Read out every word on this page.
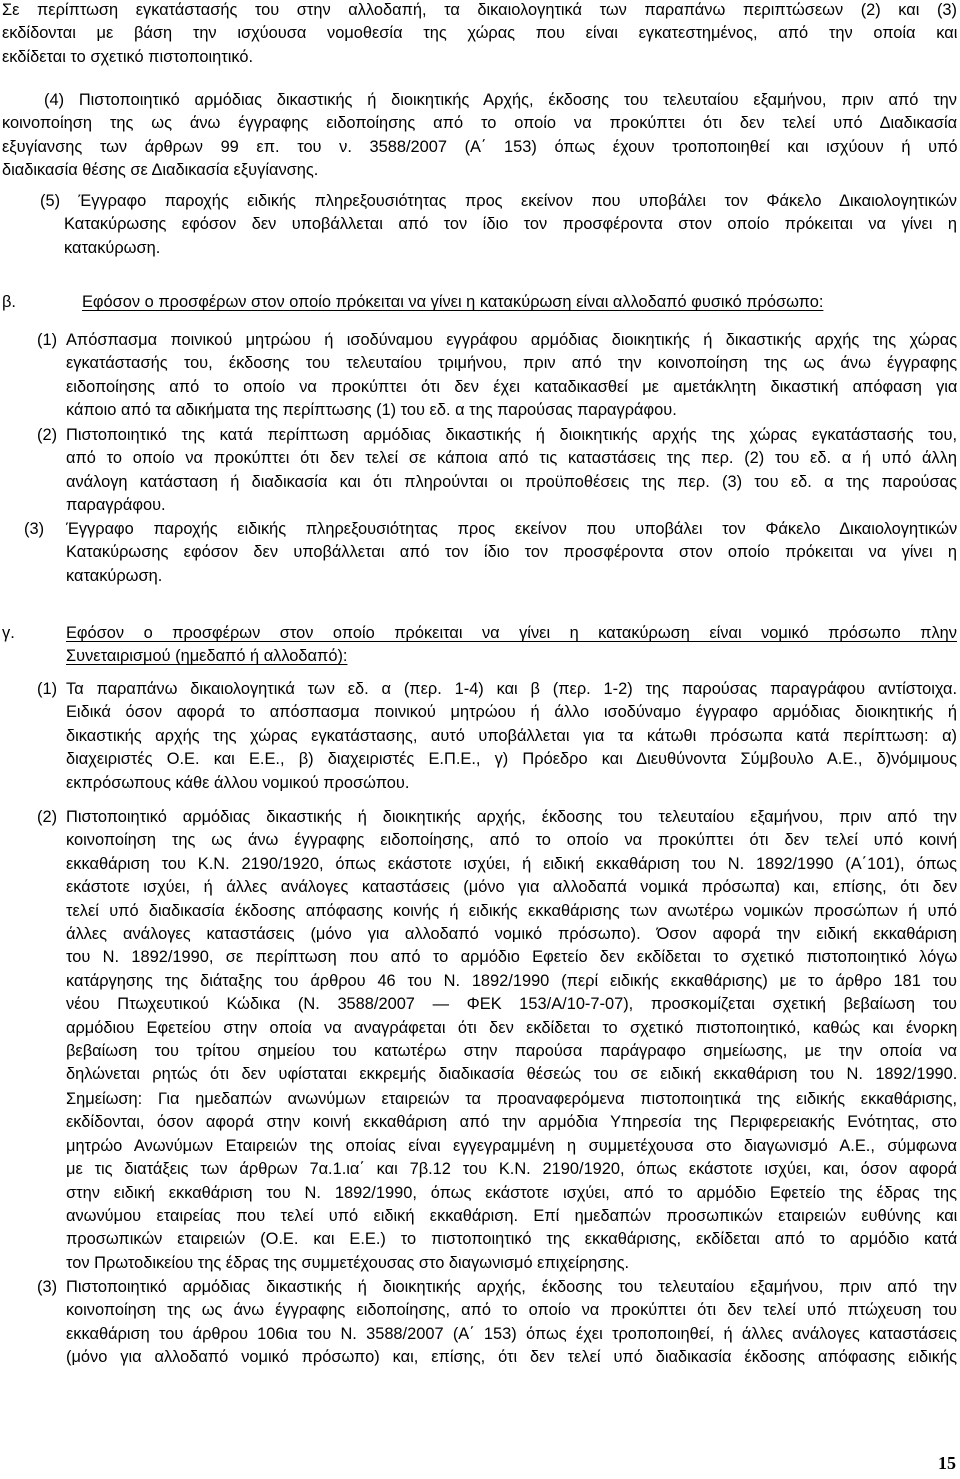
Σε περίπτωση εγκατάστασής του στην αλλοδαπή, τα δικαιολογητικά των παραπάνω περιπτώσεων (2) και (3)
εκδίδονται με βάση την ισχύουσα νομοθεσία της χώρας που είναι εγκατεστημένος, από την οποία και
εκδίδεται το σχετικό πιστοποιητικό.
(4) Πιστοποιητικό αρμόδιας δικαστικής ή διοικητικής Αρχής, έκδοσης του τελευταίου εξαμήνου, πριν από την
κοινοποίηση της ως άνω έγγραφης ειδοποίησης από το οποίο να προκύπτει ότι δεν τελεί υπό Διαδικασία
εξυγίανσης των άρθρων 99 επ. του ν. 3588/2007 (Α΄ 153) όπως έχουν τροποποιηθεί και ισχύουν ή υπό
διαδικασία θέσης σε Διαδικασία εξυγίανσης.
(5) Έγγραφο παροχής ειδικής πληρεξουσιότητας προς εκείνον που υποβάλει τον Φάκελο Δικαιολογητικών
Κατακύρωσης εφόσον δεν υποβάλλεται από τον ίδιο τον προσφέροντα στον οποίο πρόκειται να γίνει η
κατακύρωση.
β.	Εφόσον ο προσφέρων στον οποίο πρόκειται να γίνει η κατακύρωση είναι αλλοδαπό φυσικό πρόσωπο:
(1) Απόσπασμα ποινικού μητρώου ή ισοδύναμου εγγράφου αρμόδιας διοικητικής ή δικαστικής αρχής της χώρας
εγκατάστασής του, έκδοσης του τελευταίου τριμήνου, πριν από την κοινοποίηση της ως άνω έγγραφης
ειδοποίησης από το οποίο να προκύπτει ότι δεν έχει καταδικασθεί με αμετάκλητη δικαστική απόφαση για
κάποιο από τα αδικήματα της περίπτωσης (1) του εδ. α της παρούσας παραγράφου.
(2) Πιστοποιητικό της κατά περίπτωση αρμόδιας δικαστικής ή διοικητικής αρχής της χώρας εγκατάστασής του,
από το οποίο να προκύπτει ότι δεν τελεί σε κάποια από τις καταστάσεις της περ. (2) του εδ. α ή υπό άλλη
ανάλογη κατάσταση ή διαδικασία και ότι πληρούνται οι προϋποθέσεις της περ. (3) του εδ. α της παρούσας
παραγράφου.
(3) Έγγραφο παροχής ειδικής πληρεξουσιότητας προς εκείνον που υποβάλει τον Φάκελο Δικαιολογητικών
Κατακύρωσης εφόσον δεν υποβάλλεται από τον ίδιο τον προσφέροντα στον οποίο πρόκειται να γίνει η
κατακύρωση.
γ.	Εφόσον ο προσφέρων στον οποίο πρόκειται να γίνει η κατακύρωση είναι νομικό πρόσωπο πλην
Συνεταιρισμού (ημεδαπό ή αλλοδαπό):
(1) Τα παραπάνω δικαιολογητικά των εδ. α (περ. 1-4) και β (περ. 1-2) της παρούσας παραγράφου αντίστοιχα.
Ειδικά όσον αφορά το απόσπασμα ποινικού μητρώου ή άλλο ισοδύναμο έγγραφο αρμόδιας διοικητικής ή
δικαστικής αρχής της χώρας εγκατάστασης, αυτό υποβάλλεται για τα κάτωθι πρόσωπα κατά περίπτωση: α)
διαχειριστές Ο.Ε. και Ε.Ε., β) διαχειριστές Ε.Π.Ε., γ) Πρόεδρο και Διευθύνοντα Σύμβουλο Α.Ε., δ)νόμιμους
εκπρόσωπους κάθε άλλου νομικού προσώπου.
(2) Πιστοποιητικό αρμόδιας δικαστικής ή διοικητικής αρχής, έκδοσης του τελευταίου εξαμήνου, πριν από την
κοινοποίηση της ως άνω έγγραφης ειδοποίησης, από το οποίο να προκύπτει ότι δεν τελεί υπό κοινή
εκκαθάριση του Κ.Ν. 2190/1920, όπως εκάστοτε ισχύει, ή ειδική εκκαθάριση του Ν. 1892/1990 (Α΄101), όπως
εκάστοτε ισχύει, ή άλλες ανάλογες καταστάσεις (μόνο για αλλοδαπά νομικά πρόσωπα) και, επίσης, ότι δεν
τελεί υπό διαδικασία έκδοσης απόφασης κοινής ή ειδικής εκκαθάρισης των ανωτέρω νομικών προσώπων ή υπό
άλλες ανάλογες καταστάσεις (μόνο για αλλοδαπό νομικό πρόσωπο). Όσον αφορά την ειδική εκκαθάριση
του Ν. 1892/1990, σε περίπτωση που από το αρμόδιο Εφετείο δεν εκδίδεται το σχετικό πιστοποιητικό λόγω
κατάργησης της διάταξης του άρθρου 46 του Ν. 1892/1990 (περί ειδικής εκκαθάρισης) με το άρθρο 181 του
νέου Πτωχευτικού Κώδικα (Ν. 3588/2007 — ΦΕΚ 153/Α/10-7-07), προσκομίζεται σχετική βεβαίωση του
αρμόδιου Εφετείου στην οποία να αναγράφεται ότι δεν εκδίδεται το σχετικό πιστοποιητικό, καθώς και ένορκη
βεβαίωση του τρίτου σημείου του κατωτέρω στην παρούσα παράγραφο σημείωσης, με την οποία να
δηλώνεται ρητώς ότι δεν υφίσταται εκκρεμής διαδικασία θέσεώς του σε ειδική εκκαθάριση του Ν. 1892/1990.
Σημείωση: Για ημεδαπών ανωνύμων εταιρειών τα προαναφερόμενα πιστοποιητικά της ειδικής εκκαθάρισης,
εκδίδονται, όσον αφορά στην κοινή εκκαθάριση από την αρμόδια Υπηρεσία της Περιφερειακής Ενότητας, στο
μητρώο Ανωνύμων Εταιρειών της οποίας είναι εγγεγραμμένη η συμμετέχουσα στο διαγωνισμό Α.Ε., σύμφωνα
με τις διατάξεις των άρθρων 7α.1.ια΄ και 7β.12 του Κ.Ν. 2190/1920, όπως εκάστοτε ισχύει, και, όσον αφορά
στην ειδική εκκαθάριση του Ν. 1892/1990, όπως εκάστοτε ισχύει, από το αρμόδιο Εφετείο της έδρας της
ανωνύμου εταιρείας που τελεί υπό ειδική εκκαθάριση. Επί ημεδαπών προσωπικών εταιρειών ευθύνης και
προσωπικών εταιρειών (Ο.Ε. και Ε.Ε.) το πιστοποιητικό της εκκαθάρισης, εκδίδεται από το αρμόδιο κατά
τον Πρωτοδικείου της έδρας της συμμετέχουσας στο διαγωνισμό επιχείρησης.
(3) Πιστοποιητικό αρμόδιας δικαστικής ή διοικητικής αρχής, έκδοσης του τελευταίου εξαμήνου, πριν από την
κοινοποίηση της ως άνω έγγραφης ειδοποίησης, από το οποίο να προκύπτει ότι δεν τελεί υπό πτώχευση του
εκκαθάριση του άρθρου 106ια του Ν. 3588/2007 (Α΄ 153) όπως έχει τροποποιηθεί, ή άλλες ανάλογες καταστάσεις
(μόνο για αλλοδαπό νομικό πρόσωπο) και, επίσης, ότι δεν τελεί υπό διαδικασία έκδοσης απόφασης ειδικής
15
